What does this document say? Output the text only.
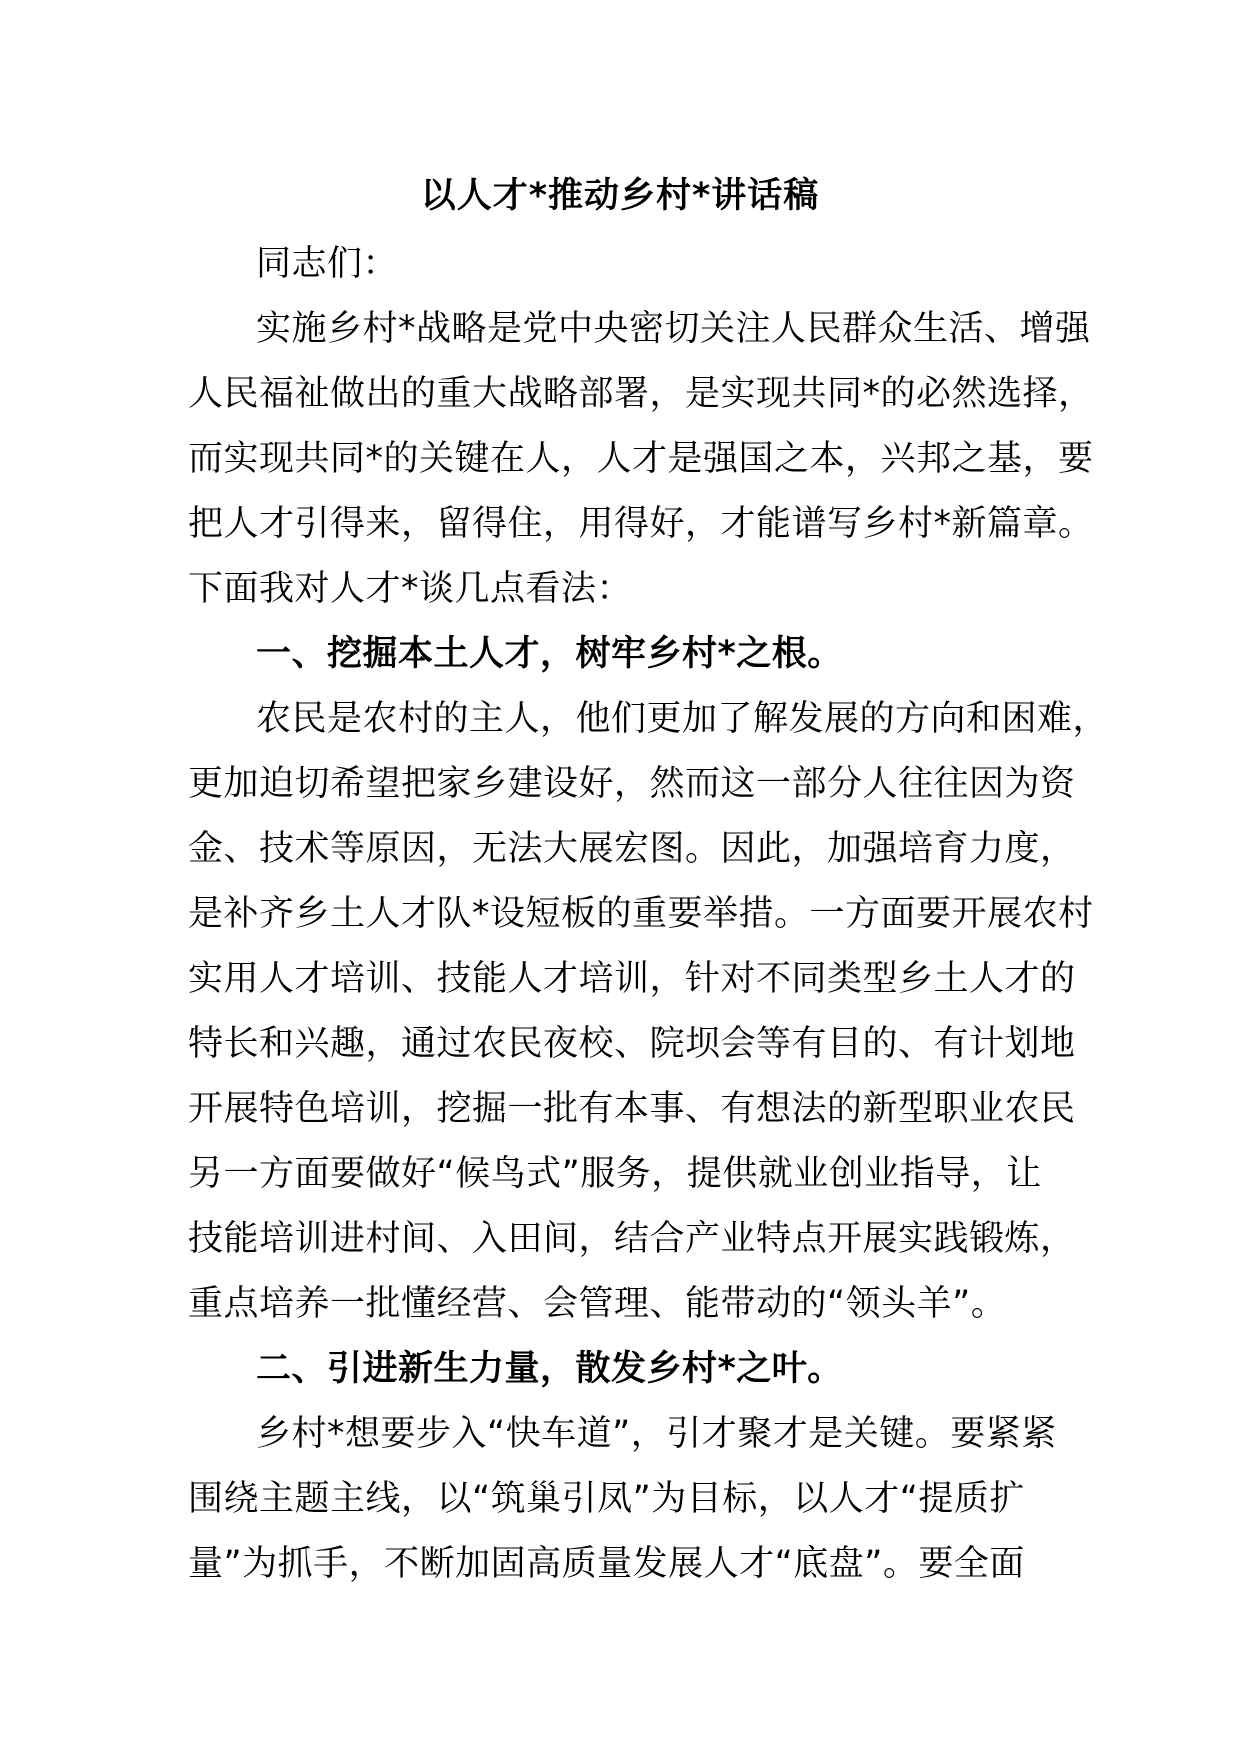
以人才*推动乡村*讲话稿
同志们：
实施乡村*战略是党中央密切关注人民群众生活、增强
人民福祉做出的重大战略部署，是实现共同*的必然选择，
而实现共同*的关键在人，人才是强国之本，兴邦之基，要
把人才引得来，留得住，用得好，才能谱写乡村*新篇章。
下面我对人才*谈几点看法：
一、挖掘本土人才，树牢乡村*之根。
农民是农村的主人，他们更加了解发展的方向和困难，
更加迫切希望把家乡建设好，然而这一部分人往往因为资
金、技术等原因，无法大展宏图。因此，加强培育力度，
是补齐乡土人才队*设短板的重要举措。一方面要开展农村
实用人才培训、技能人才培训，针对不同类型乡土人才的
特长和兴趣，通过农民夜校、院坝会等有目的、有计划地
开展特色培训，挖掘一批有本事、有想法的新型职业农民
另一方面要做好“候鸟式”服务，提供就业创业指导，让
技能培训进村间、入田间，结合产业特点开展实践锻炼，
重点培养一批懂经营、会管理、能带动的“领头羊”。
二、引进新生力量，散发乡村*之叶。
乡村*想要步入“快车道”，引才聚才是关键。要紧紧
围绕主题主线，以“筑巢引凤”为目标，以人才“提质扩
量”为抓手，不断加固高质量发展人才“底盘”。要全面
